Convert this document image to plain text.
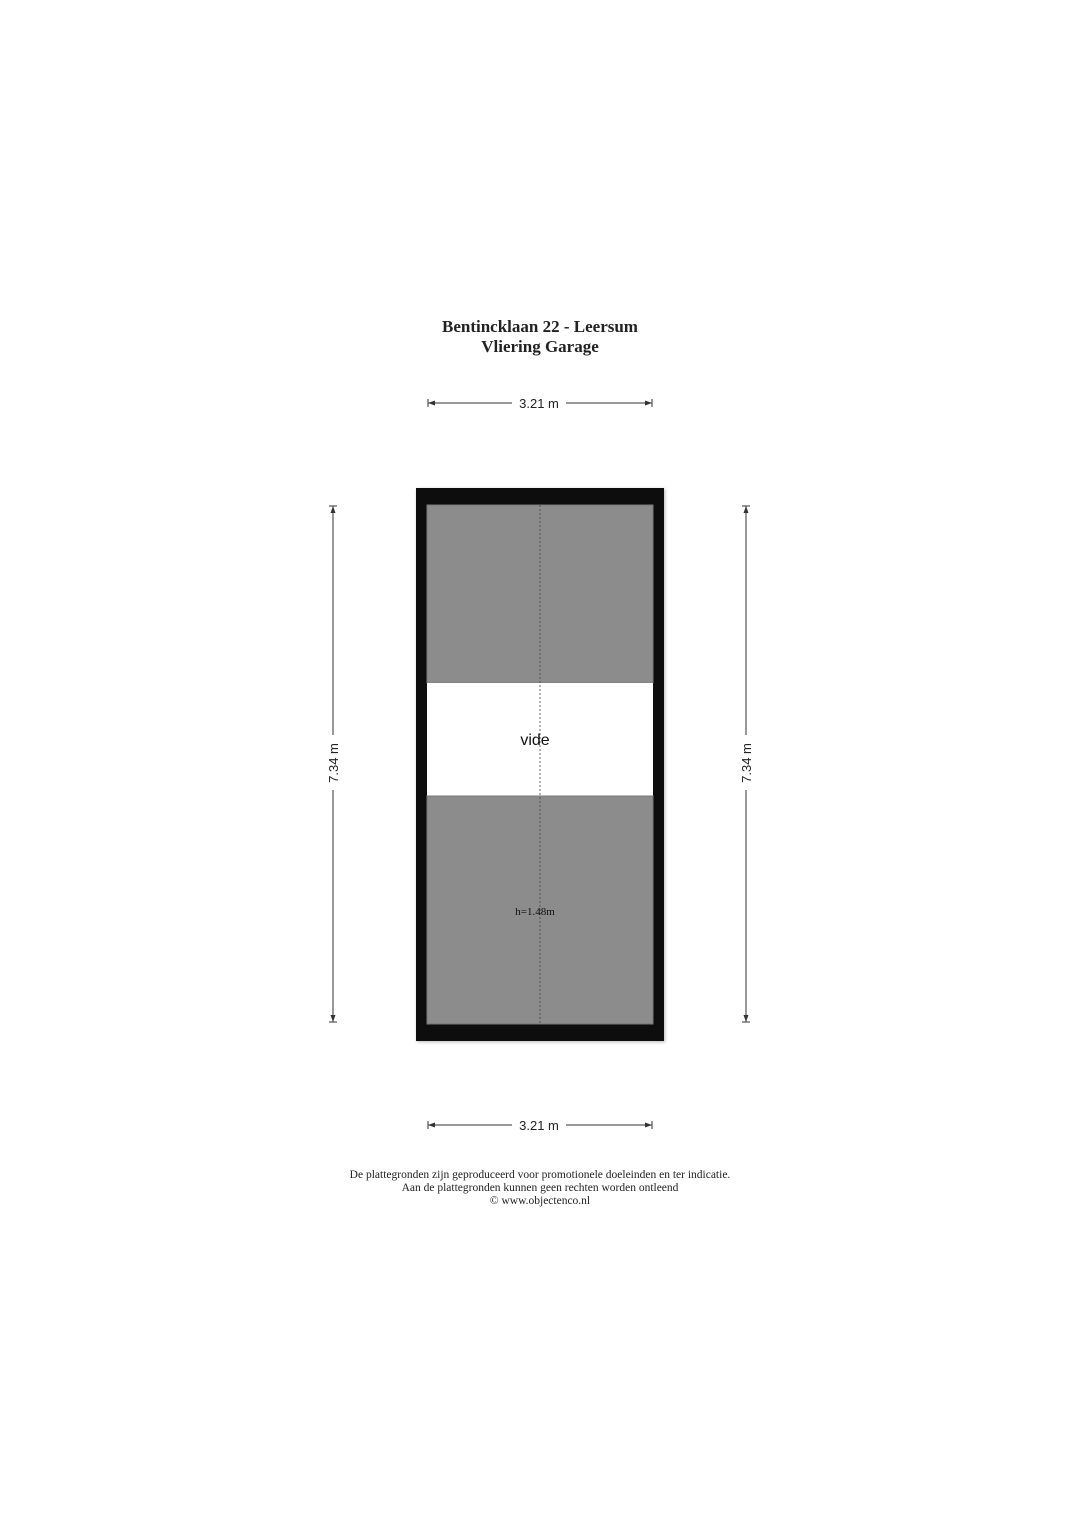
Bentincklaan 22 - Leersum
Vliering Garage
3.21 m
3.21 m
7.34 m	7.34 m
vide
h=1.48m
De plattegronden zijn geproduceerd voor promotionele doeleinden en ter indicatie.
Aan de plattegronden kunnen geen rechten worden ontleend
© www.objectenco.nl
